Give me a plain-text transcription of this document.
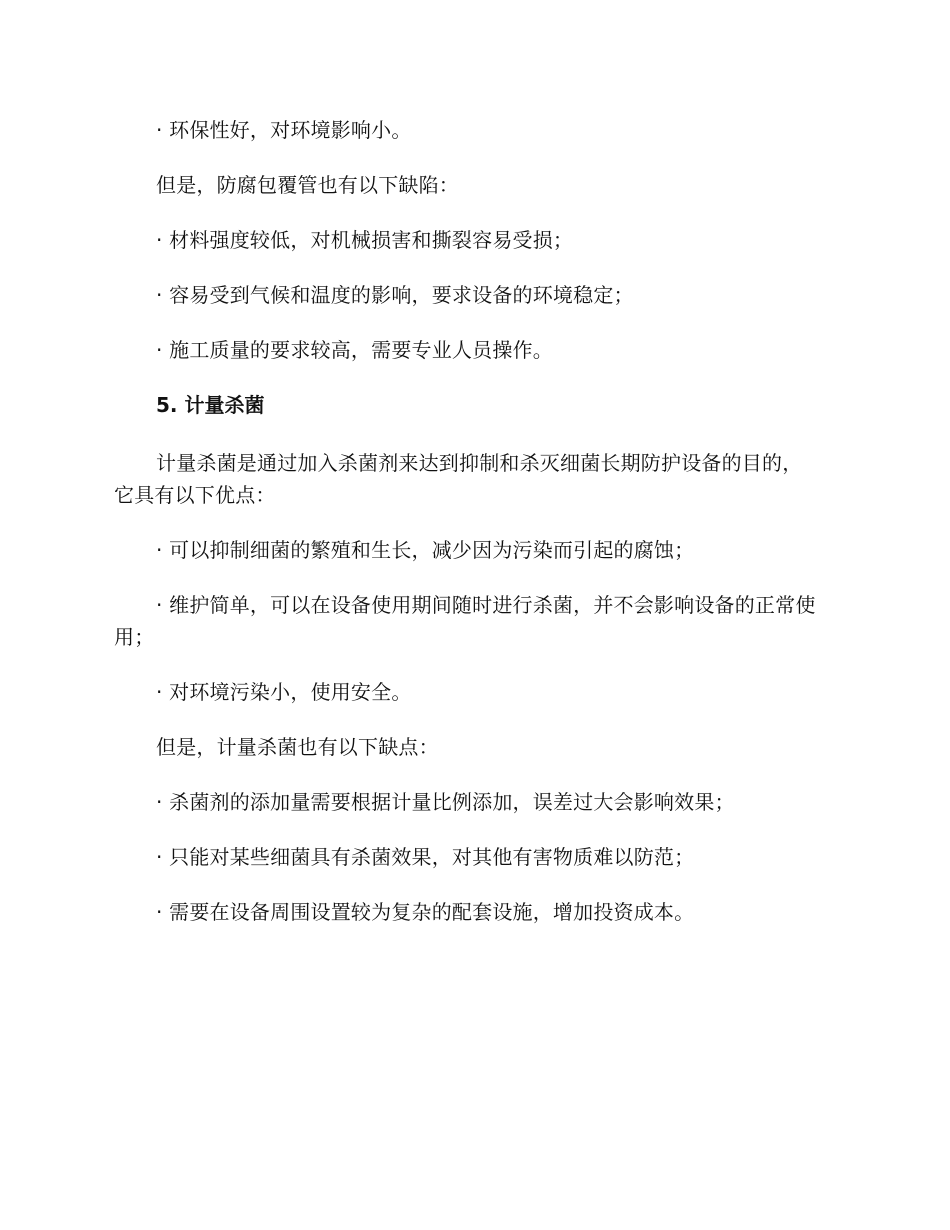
· 环保性好，对环境影响小。

但是，防腐包覆管也有以下缺陷：

· 材料强度较低，对机械损害和撕裂容易受损；

· 容易受到气候和温度的影响，要求设备的环境稳定；

· 施工质量的要求较高，需要专业人员操作。

5. 计量杀菌

计量杀菌是通过加入杀菌剂来达到抑制和杀灭细菌长期防护设备的目的，它具有以下优点：

· 可以抑制细菌的繁殖和生长，减少因为污染而引起的腐蚀；

· 维护简单，可以在设备使用期间随时进行杀菌，并不会影响设备的正常使用；

· 对环境污染小，使用安全。

但是，计量杀菌也有以下缺点：

· 杀菌剂的添加量需要根据计量比例添加，误差过大会影响效果；

· 只能对某些细菌具有杀菌效果，对其他有害物质难以防范；

· 需要在设备周围设置较为复杂的配套设施，增加投资成本。
